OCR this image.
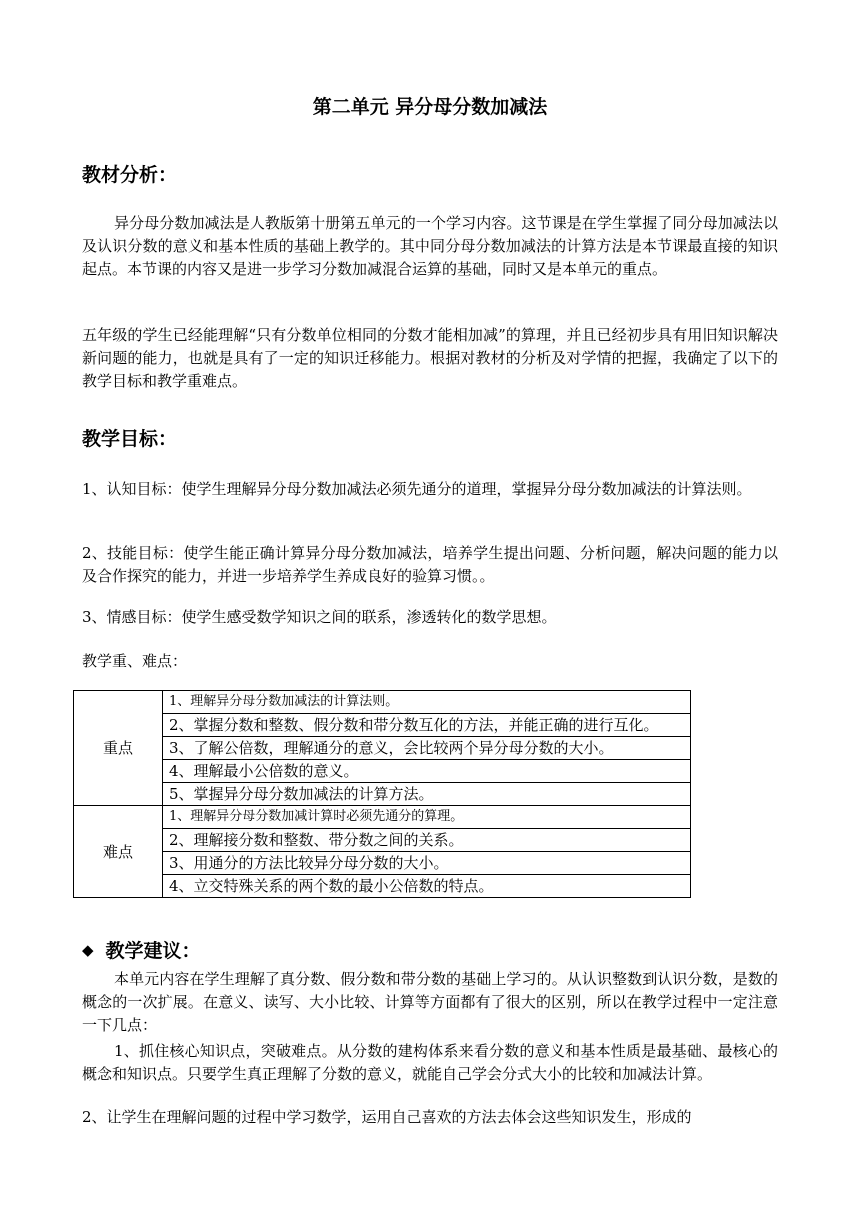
第二单元 异分母分数加减法
教材分析：

异分母分数加减法是人教版第十册第五单元的一个学习内容。这节课是在学生掌握了同分母加减法以及认识分数的意义和基本性质的基础上教学的。其中同分母分数加减法的计算方法是本节课最直接的知识起点。本节课的内容又是进一步学习分数加减混合运算的基础，同时又是本单元的重点。

五年级的学生已经能理解“只有分数单位相同的分数才能相加减”的算理，并且已经初步具有用旧知识解决新问题的能力，也就是具有了一定的知识迁移能力。根据对教材的分析及对学情的把握，我确定了以下的教学目标和教学重难点。

教学目标：

1、认知目标：使学生理解异分母分数加减法必须先通分的道理，掌握异分母分数加减法的计算法则。

2、技能目标：使学生能正确计算异分母分数加减法，培养学生提出问题、分析问题，解决问题的能力以及合作探究的能力，并进一步培养学生养成良好的验算习惯。。

3、情感目标：使学生感受数学知识之间的联系，渗透转化的数学思想。

教学重、难点：
重点	1、理解异分母分数加减法的计算法则。
	2、掌握分数和整数、假分数和带分数互化的方法，并能正确的进行互化。
	3、了解公倍数，理解通分的意义，会比较两个异分母分数的大小。
	4、理解最小公倍数的意义。
	5、掌握异分母分数加减法的计算方法。
难点	1、理解异分母分数加减计算时必须先通分的算理。
	2、理解接分数和整数、带分数之间的关系。
	3、用通分的方法比较异分母分数的大小。
	4、立交特殊关系的两个数的最小公倍数的特点。
◆ 教学建议：

本单元内容在学生理解了真分数、假分数和带分数的基础上学习的。从认识整数到认识分数，是数的概念的一次扩展。在意义、读写、大小比较、计算等方面都有了很大的区别，所以在教学过程中一定注意一下几点：

1、抓住核心知识点，突破难点。从分数的建构体系来看分数的意义和基本性质是最基础、最核心的概念和知识点。只要学生真正理解了分数的意义，就能自己学会分式大小的比较和加减法计算。

2、让学生在理解问题的过程中学习数学，运用自己喜欢的方法去体会这些知识发生，形成的
